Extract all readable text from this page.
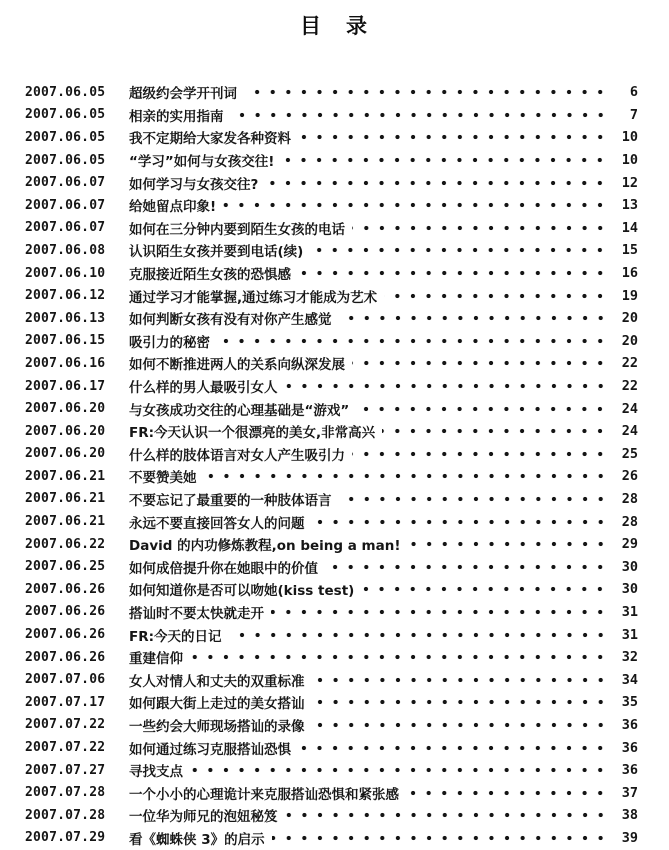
目　录
2007.06.05	超级约会学开刊词	6
2007.06.05	相亲的实用指南	7
2007.06.05	我不定期给大家发各种资料	10
2007.06.05	“学习”如何与女孩交往!	10
2007.06.07	如何学习与女孩交往?	12
2007.06.07	给她留点印象!	13
2007.06.07	如何在三分钟内要到陌生女孩的电话	14
2007.06.08	认识陌生女孩并要到电话(续)	15
2007.06.10	克服接近陌生女孩的恐惧感	16
2007.06.12	通过学习才能掌握,通过练习才能成为艺术	19
2007.06.13	如何判断女孩有没有对你产生感觉	20
2007.06.15	吸引力的秘密	20
2007.06.16	如何不断推进两人的关系向纵深发展	22
2007.06.17	什么样的男人最吸引女人	22
2007.06.20	与女孩成功交往的心理基础是“游戏”	24
2007.06.20	FR:今天认识一个很漂亮的美女,非常高兴	24
2007.06.20	什么样的肢体语言对女人产生吸引力	25
2007.06.21	不要赞美她	26
2007.06.21	不要忘记了最重要的一种肢体语言	28
2007.06.21	永远不要直接回答女人的问题	28
2007.06.22	David 的内功修炼教程,on being a man!	29
2007.06.25	如何成倍提升你在她眼中的价值	30
2007.06.26	如何知道你是否可以吻她(kiss test)	30
2007.06.26	搭讪时不要太快就走开	31
2007.06.26	FR:今天的日记	31
2007.06.26	重建信仰	32
2007.07.06	女人对情人和丈夫的双重标准	34
2007.07.17	如何跟大街上走过的美女搭讪	35
2007.07.22	一些约会大师现场搭讪的录像	36
2007.07.22	如何通过练习克服搭讪恐惧	36
2007.07.27	寻找支点	36
2007.07.28	一个小小的心理诡计来克服搭讪恐惧和紧张感	37
2007.07.28	一位华为师兄的泡妞秘笈	38
2007.07.29	看《蜘蛛侠 3》的启示	39
